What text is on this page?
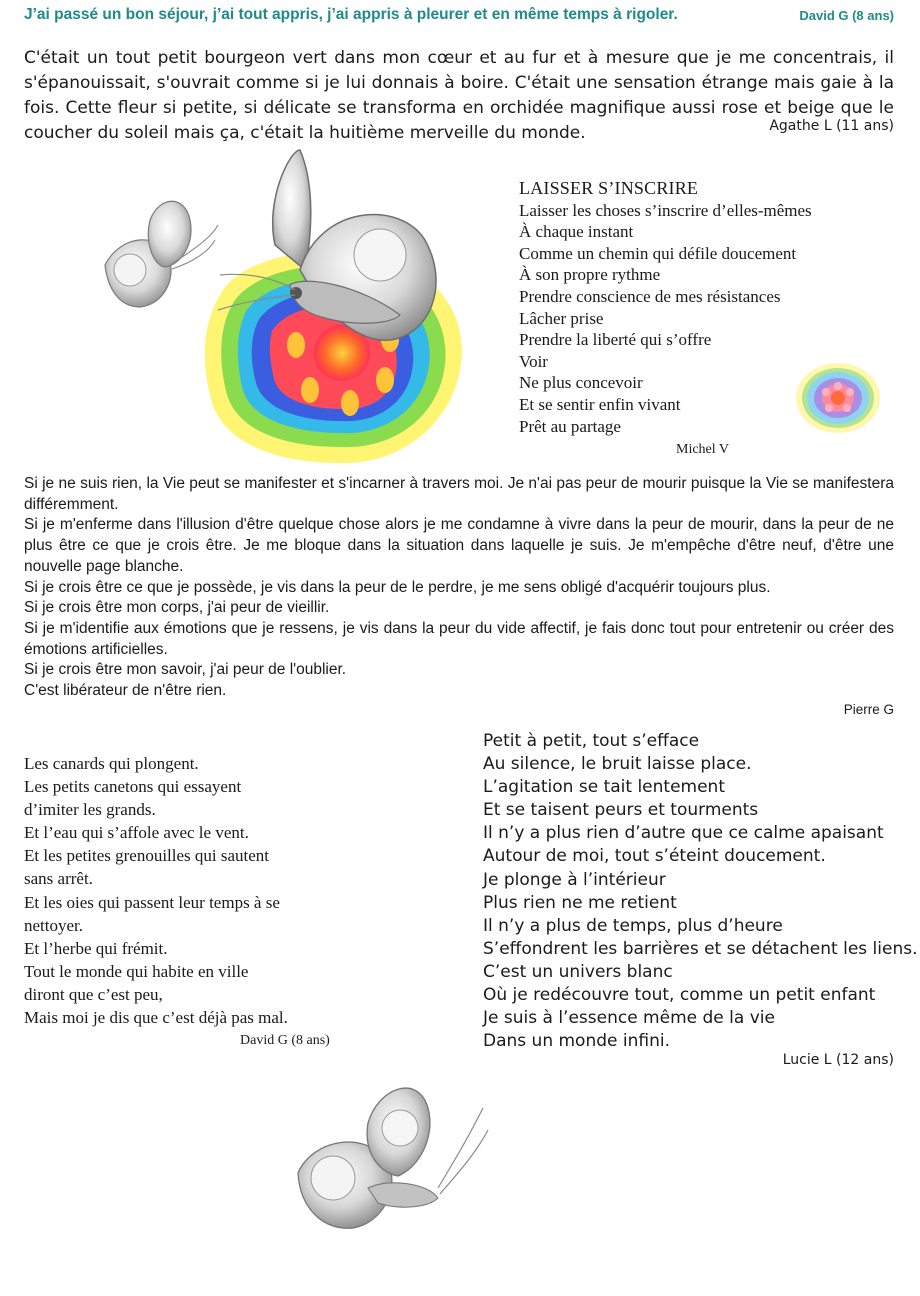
J’ai passé un bon séjour, j’ai tout appris, j’ai appris à pleurer et en même temps à rigoler.	David G (8 ans)
C'était un tout petit bourgeon vert dans mon cœur et au fur et à mesure que je me concentrais, il s'épanouissait, s'ouvrait comme si je lui donnais à boire. C'était une sensation étrange mais gaie à la fois. Cette fleur si petite, si délicate se transforma en orchidée magnifique aussi rose et beige que le coucher du soleil mais ça, c'était la huitième merveille du monde.	Agathe L (11 ans)
LAISSER S’INSCRIRE
Laisser les choses s’inscrire d’elles-mêmes
À chaque instant
Comme un chemin qui défile doucement
À son propre rythme
Prendre conscience de mes résistances
Lâcher prise
Prendre la liberté qui s’offre
Voir
Ne plus concevoir
Et se sentir enfin vivant
Prêt au partage
Michel V

Si je ne suis rien, la Vie peut se manifester et s'incarner à travers moi. Je n'ai pas peur de mourir puisque la Vie se manifestera différemment.

Si je m'enferme dans l'illusion d'être quelque chose alors je me condamne à vivre dans la peur de mourir, dans la peur de ne plus être ce que je crois être. Je me bloque dans la situation dans laquelle je suis. Je m'empêche d'être neuf, d'être une nouvelle page blanche.

Si je crois être ce que je possède, je vis dans la peur de le perdre, je me sens obligé d'acquérir toujours plus.

Si je crois être mon corps, j'ai peur de vieillir.

Si je m'identifie aux émotions que je ressens, je vis dans la peur du vide affectif, je fais donc tout pour entretenir ou créer des émotions artificielles.

Si je crois être mon savoir, j'ai peur de l'oublier.

C'est libérateur de n'être rien.

Pierre G
Les canards qui plongent.
Les petits canetons qui essayent
d’imiter les grands.
Et l’eau qui s’affole avec le vent.
Et les petites grenouilles qui sautent
sans arrêt.
Et les oies qui passent leur temps à se
nettoyer.
Et l’herbe qui frémit.
Tout le monde qui habite en ville
diront que c’est peu,
Mais moi je dis que c’est déjà pas mal.
David G (8 ans)
Petit à petit, tout s’efface
Au silence, le bruit laisse place.
L’agitation se tait lentement
Et se taisent peurs et tourments
Il n’y a plus rien d’autre que ce calme apaisant
Autour de moi, tout s’éteint doucement.
Je plonge à l’intérieur
Plus rien ne me retient
Il n’y a plus de temps, plus d’heure
S’effondrent les barrières et se détachent les liens.
C’est un univers blanc
Où je redécouvre tout, comme un petit enfant
Je suis à l’essence même de la vie
Dans un monde infini.
Lucie L (12 ans)
